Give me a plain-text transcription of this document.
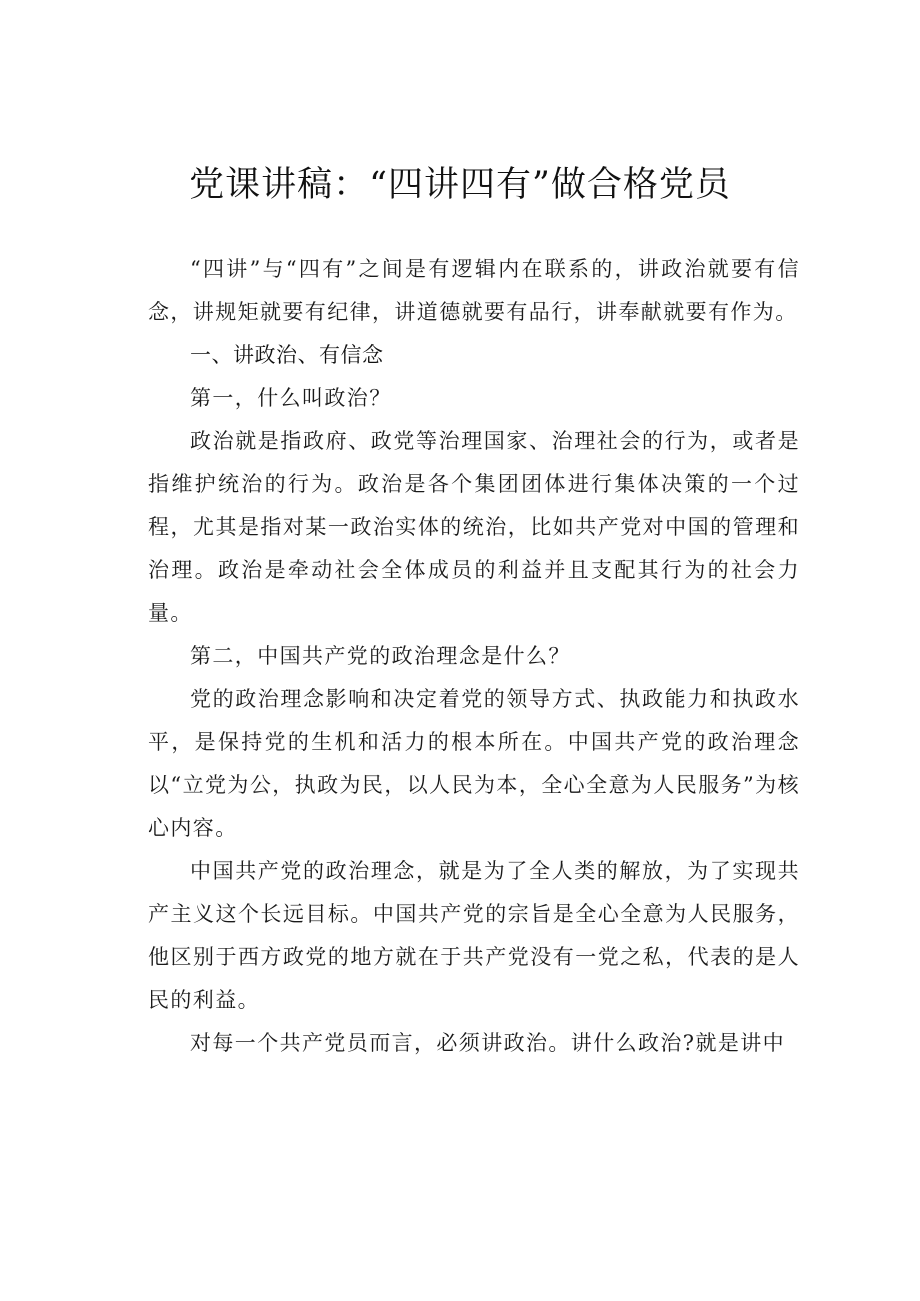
党课讲稿：“四讲四有”做合格党员

“四讲”与“四有”之间是有逻辑内在联系的，讲政治就要有信念，讲规矩就要有纪律，讲道德就要有品行，讲奉献就要有作为。

一、讲政治、有信念

第一，什么叫政治？

政治就是指政府、政党等治理国家、治理社会的行为，或者是指维护统治的行为。政治是各个集团团体进行集体决策的一个过程，尤其是指对某一政治实体的统治，比如共产党对中国的管理和治理。政治是牵动社会全体成员的利益并且支配其行为的社会力量。

第二，中国共产党的政治理念是什么？

党的政治理念影响和决定着党的领导方式、执政能力和执政水平，是保持党的生机和活力的根本所在。中国共产党的政治理念以“立党为公，执政为民，以人民为本，全心全意为人民服务”为核心内容。

中国共产党的政治理念，就是为了全人类的解放，为了实现共产主义这个长远目标。中国共产党的宗旨是全心全意为人民服务，他区别于西方政党的地方就在于共产党没有一党之私，代表的是人民的利益。

对每一个共产党员而言，必须讲政治。讲什么政治?就是讲中
